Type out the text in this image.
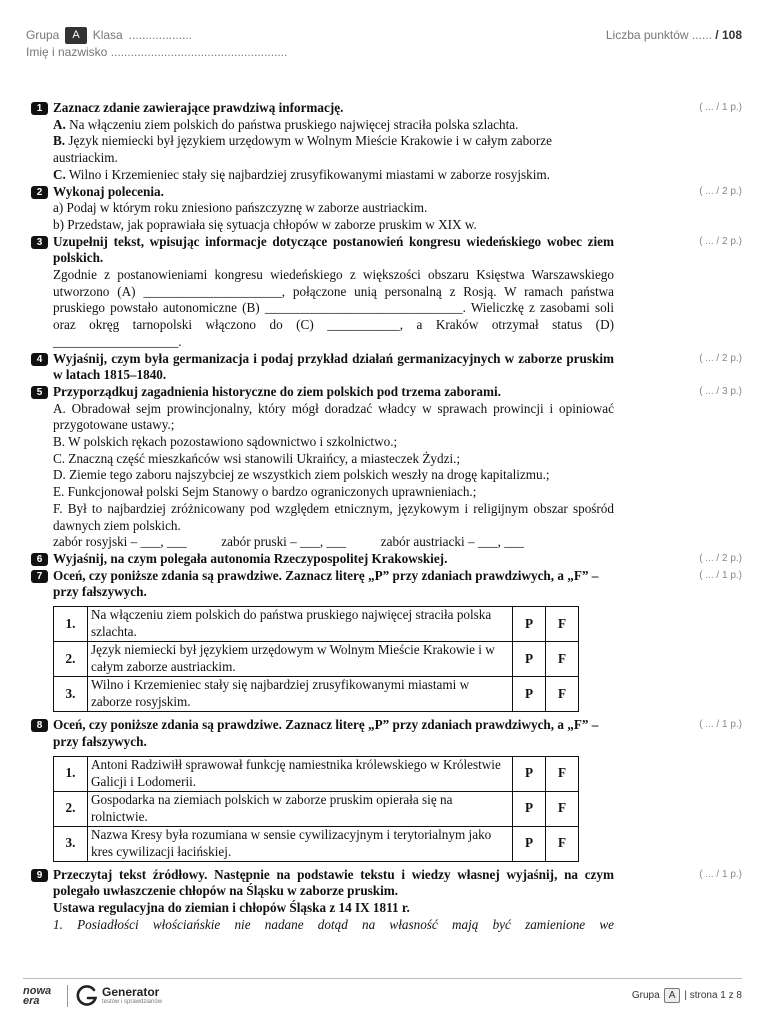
Grupa	A	Klasa ...................	Liczba punktów ...... / 108
Imię i nazwisko .....................................................
1	( ... / 1 p.)
Zaznacz zdanie zawierające prawdziwą informację.
A. Na włączeniu ziem polskich do państwa pruskiego najwięcej straciła polska szlachta.
B. Język niemiecki był językiem urzędowym w Wolnym Mieście Krakowie i w całym zaborze austriackim.
C. Wilno i Krzemieniec stały się najbardziej zrusyfikowanymi miastami w zaborze rosyjskim.
2	( ... / 2 p.)
Wykonaj polecenia.
a) Podaj w którym roku zniesiono pańszczyznę w zaborze austriackim.
b) Przedstaw, jak poprawiała się sytuacja chłopów w zaborze pruskim w XIX w.
3	( ... / 2 p.)
Uzupełnij tekst, wpisując informacje dotyczące postanowień kongresu wiedeńskiego wobec ziem polskich.
Zgodnie z postanowieniami kongresu wiedeńskiego z większości obszaru Księstwa Warszawskiego utworzono (A) _____________________, połączone unią personalną z Rosją. W ramach państwa pruskiego powstało autonomiczne (B) ______________________________. Wieliczkę z zasobami soli oraz okręg tarnopolski włączono do (C) ___________, a Kraków otrzymał status (D) ___________________.
4	( ... / 2 p.)
Wyjaśnij, czym była germanizacja i podaj przykład działań germanizacyjnych w zaborze pruskim w latach 1815–1840.
5	( ... / 3 p.)
Przyporządkuj zagadnienia historyczne do ziem polskich pod trzema zaborami.
A. Obradował sejm prowincjonalny, który mógł doradzać władcy w sprawach prowincji i opiniować przygotowane ustawy.;
B. W polskich rękach pozostawiono sądownictwo i szkolnictwo.;
C. Znaczną część mieszkańców wsi stanowili Ukraińcy, a miasteczek Żydzi.;
D. Ziemie tego zaboru najszybciej ze wszystkich ziem polskich weszły na drogę kapitalizmu.;
E. Funkcjonował polski Sejm Stanowy o bardzo ograniczonych uprawnieniach.;
F. Był to najbardziej zróżnicowany pod względem etnicznym, językowym i religijnym obszar spośród dawnych ziem polskich.
zabór rosyjski – ___, ___	zabór pruski – ___, ___	zabór austriacki – ___, ___
6	( ... / 2 p.)
Wyjaśnij, na czym polegała autonomia Rzeczypospolitej Krakowskiej.
7	( ... / 1 p.)
Oceń, czy poniższe zdania są prawdziwe. Zaznacz literę „P” przy zdaniach prawdziwych, a „F” – przy fałszywych.
1.	Na włączeniu ziem polskich do państwa pruskiego najwięcej straciła polska szlachta.	P	F
2.	Język niemiecki był językiem urzędowym w Wolnym Mieście Krakowie i w całym zaborze austriackim.	P	F
3.	Wilno i Krzemieniec stały się najbardziej zrusyfikowanymi miastami w zaborze rosyjskim.	P	F
8	( ... / 1 p.)
Oceń, czy poniższe zdania są prawdziwe. Zaznacz literę „P” przy zdaniach prawdziwych, a „F” – przy fałszywych.
1.	Antoni Radziwiłł sprawował funkcję namiestnika królewskiego w Królestwie Galicji i Lodomerii.	P	F
2.	Gospodarka na ziemiach polskich w zaborze pruskim opierała się na rolnictwie.	P	F
3.	Nazwa Kresy była rozumiana w sensie cywilizacyjnym i terytorialnym jako kres cywilizacji łacińskiej.	P	F
9	( ... / 1 p.)
Przeczytaj tekst źródłowy. Następnie na podstawie tekstu i wiedzy własnej wyjaśnij, na czym polegało uwłaszczenie chłopów na Śląsku w zaborze pruskim.
Ustawa regulacyjna do ziemian i chłopów Śląska z 14 IX 1811 r.
1. Posiadłości włościańskie nie nadane dotąd na własność mają być zamienione we
nowa
era
Generator
testów i sprawdzianów
Grupa A | strona 1 z 8
